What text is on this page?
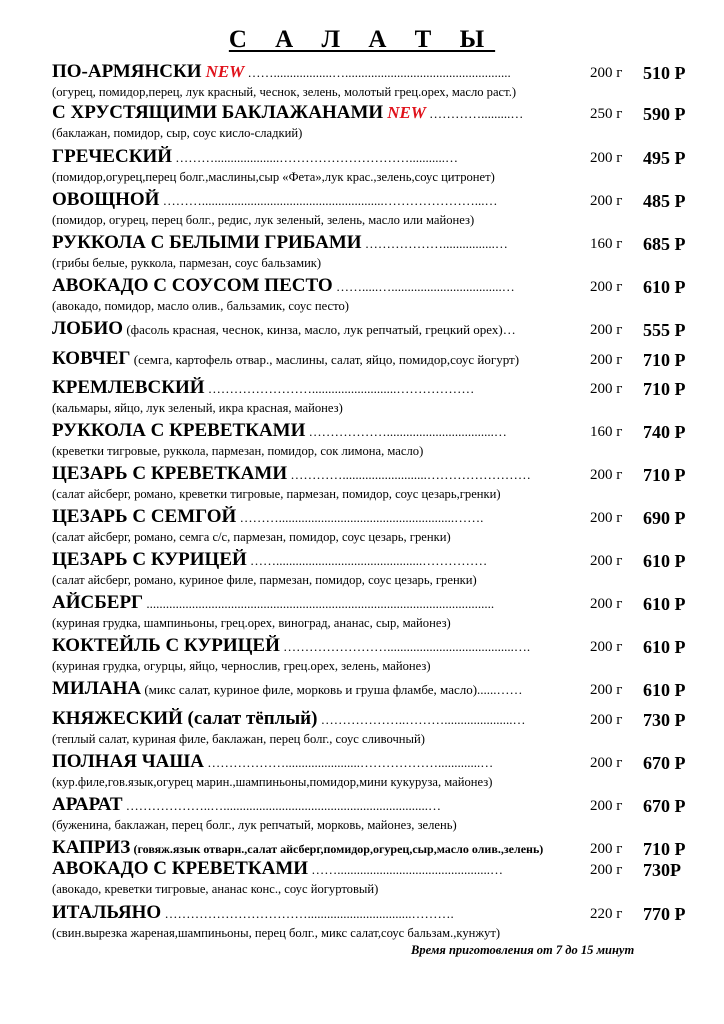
С А Л А Т Ы
ПО-АРМЯНСКИ NEW ……..................…...................................................	200 г 510 Р
(огурец, помидор,перец, лук красный, чеснок, зелень, молотый грец.орех, масло раст.)
С ХРУСТЯЩИМИ БАКЛАЖАНАМИ NEW ………….........…	250 г 590 Р
(баклажан, помидор, сыр, соус кисло-сладкий)
ГРЕЧЕСКИЙ ………....................…………………………...........…	200 г 495 Р
(помидор,огурец,перец болг.,маслины,сыр «Фета»,лук крас.,зелень,соус цитронет)
ОВОЩНОЙ ………........................................................…………………...…	200 г 485 Р
(помидор, огурец, перец болг., редис, лук зеленый, зелень, масло или майонез)
РУККОЛА С БЕЛЫМИ ГРИБАМИ ………………................…	160 г 685 Р
(грибы белые, руккола, пармезан, соус бальзамик)
АВОКАДО С СОУСОМ ПЕСТО …….....…..................................…	200 г 610 Р
(авокадо, помидор, масло олив., бальзамик, соус песто)
ЛОБИО (фасоль красная, чеснок, кинза, масло, лук репчатый, грецкий орех)…	200 г 555 Р
КОВЧЕГ (семга, картофель отвар., маслины, салат, яйцо, помидор,соус йогурт)	200 г 710 Р
КРЕМЛЕВСКИЙ ……………………..........................………………	200 г 710 Р
(кальмары, яйцо, лук зеленый, икра красная, майонез)
РУККОЛА С КРЕВЕТКАМИ ……………….................................…	160 г 740 Р
(креветки тигровые, руккола, пармезан, помидор, сок лимона, масло)
ЦЕЗАРЬ С КРЕВЕТКАМИ …………..........................……………………	200 г 710 Р
(салат айсберг, романо, креветки тигровые, пармезан, помидор, соус цезарь,гренки)
ЦЕЗАРЬ С СЕМГОЙ ………......................................................…….	200 г 690 Р
(салат айсберг, романо, семга с/с, пармезан, помидор, соус цезарь, гренки)
ЦЕЗАРЬ С КУРИЦЕЙ …….............................................……………	200 г 610 Р
(салат айсберг, романо, куриное филе, пармезан, помидор, соус цезарь, гренки)
АЙСБЕРГ ...........................................................................................................	200 г 610 Р
(куриная грудка, шампиньоны, грец.орех, виноград, ананас, сыр, майонез)
КОКТЕЙЛЬ С КУРИЦЕЙ …………………….......................................….	200 г 610 Р
(куриная грудка, огурцы, яйцо, чернослив, грец.орех, зелень, майонез)
МИЛАНА (микс салат, куриное филе, морковь и груша фламбе, масло)......……	200 г 610 Р
КНЯЖЕСКИЙ (салат тёплый) ………………..……….....................…	200 г 730 Р
(теплый салат, куриная филе, баклажан, перец болг., соус сливочный)
ПОЛНАЯ ЧАША ……………….......................……………….............…	200 г 670 Р
(кур.филе,гов.язык,огурец марин.,шампиньоны,помидор,мини кукуруза, майонез)
АРАРАТ ………………..…...............................................................…	200 г 670 Р
(буженина, баклажан, перец болг., лук репчатый, морковь, майонез, зелень)
КАПРИЗ (говяж.язык отварн.,салат айсберг,помидор,огурец,сыр,масло олив.,зелень)	200 г 710 Р
АВОКАДО С КРЕВЕТКАМИ ……...............................................…	200 г 730Р
(авокадо, креветки тигровые, ананас конс., соус йогуртовый)
ИТАЛЬЯНО ……………………………................................……….	220 г 770 Р
(свин.вырезка жареная,шампиньоны, перец болг., микс салат,соус бальзам.,кунжут)
Время приготовления от 7 до 15 минут
